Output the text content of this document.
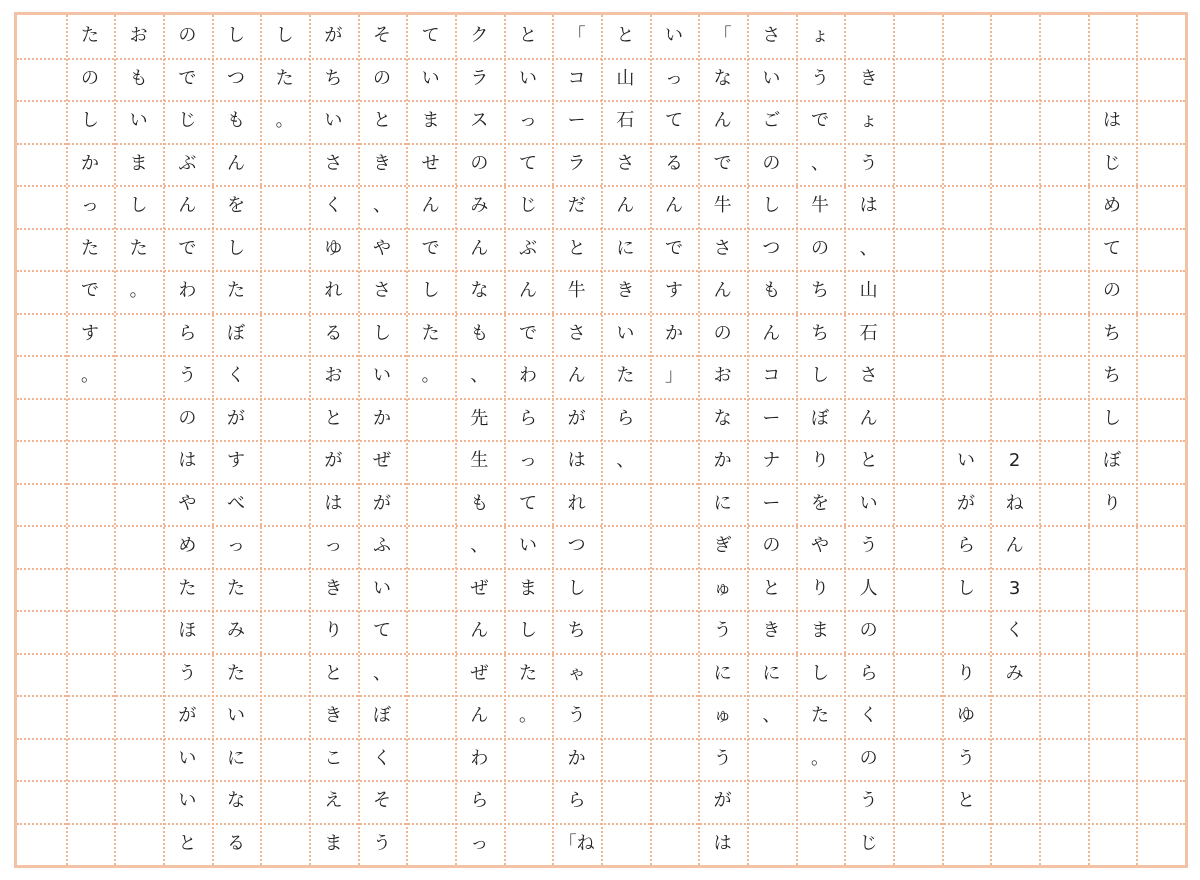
た
の
し
か
っ
た
で
す
。
お
も
い
ま
し
た
。
の
で
じ
ぶ
ん
で
わ
ら
う
の
は
や
め
た
ほ
う
が
い
い
と
し
つ
も
ん
を
し
た
ぼ
く
が
す
べ
っ
た
み
た
い
に
な
る
し
た
。
が
ち
い
さ
く
ゆ
れ
る
お
と
が
は
っ
き
り
と
き
こ
え
ま
そ
の
と
き
、
や
さ
し
い
か
ぜ
が
ふ
い
て
、
ぼ
く
そ
う
て
い
ま
せ
ん
で
し
た
。
ク
ラ
ス
の
み
ん
な
も
、
先
生
も
、
ぜ
ん
ぜ
ん
わ
ら
っ
と
い
っ
て
じ
ぶ
ん
で
わ
ら
っ
て
い
ま
し
た
。
「
コ
ー
ラ
だ
と
牛
さ
ん
が
は
れ
つ
し
ち
ゃ
う
か
ら
「ね
と
山
石
さ
ん
に
き
い
た
ら
、
い
っ
て
る
ん
で
す
か
」
「
な
ん
で
牛
さ
ん
の
お
な
か
に
ぎ
ゅ
う
に
ゅ
う
が
は
さ
い
ご
の
し
つ
も
ん
コ
ー
ナ
ー
の
と
き
に
、
ょ
う
で
、
牛
の
ち
ち
し
ぼ
り
を
や
り
ま
し
た
。
き
ょ
う
は
、
山
石
さ
ん
と
い
う
人
の
ら
く
の
う
じ
い
が
ら
し
り
ゆ
う
と
2
ね
ん
3
く
み
は
じ
め
て
の
ち
ち
し
ぼ
り
